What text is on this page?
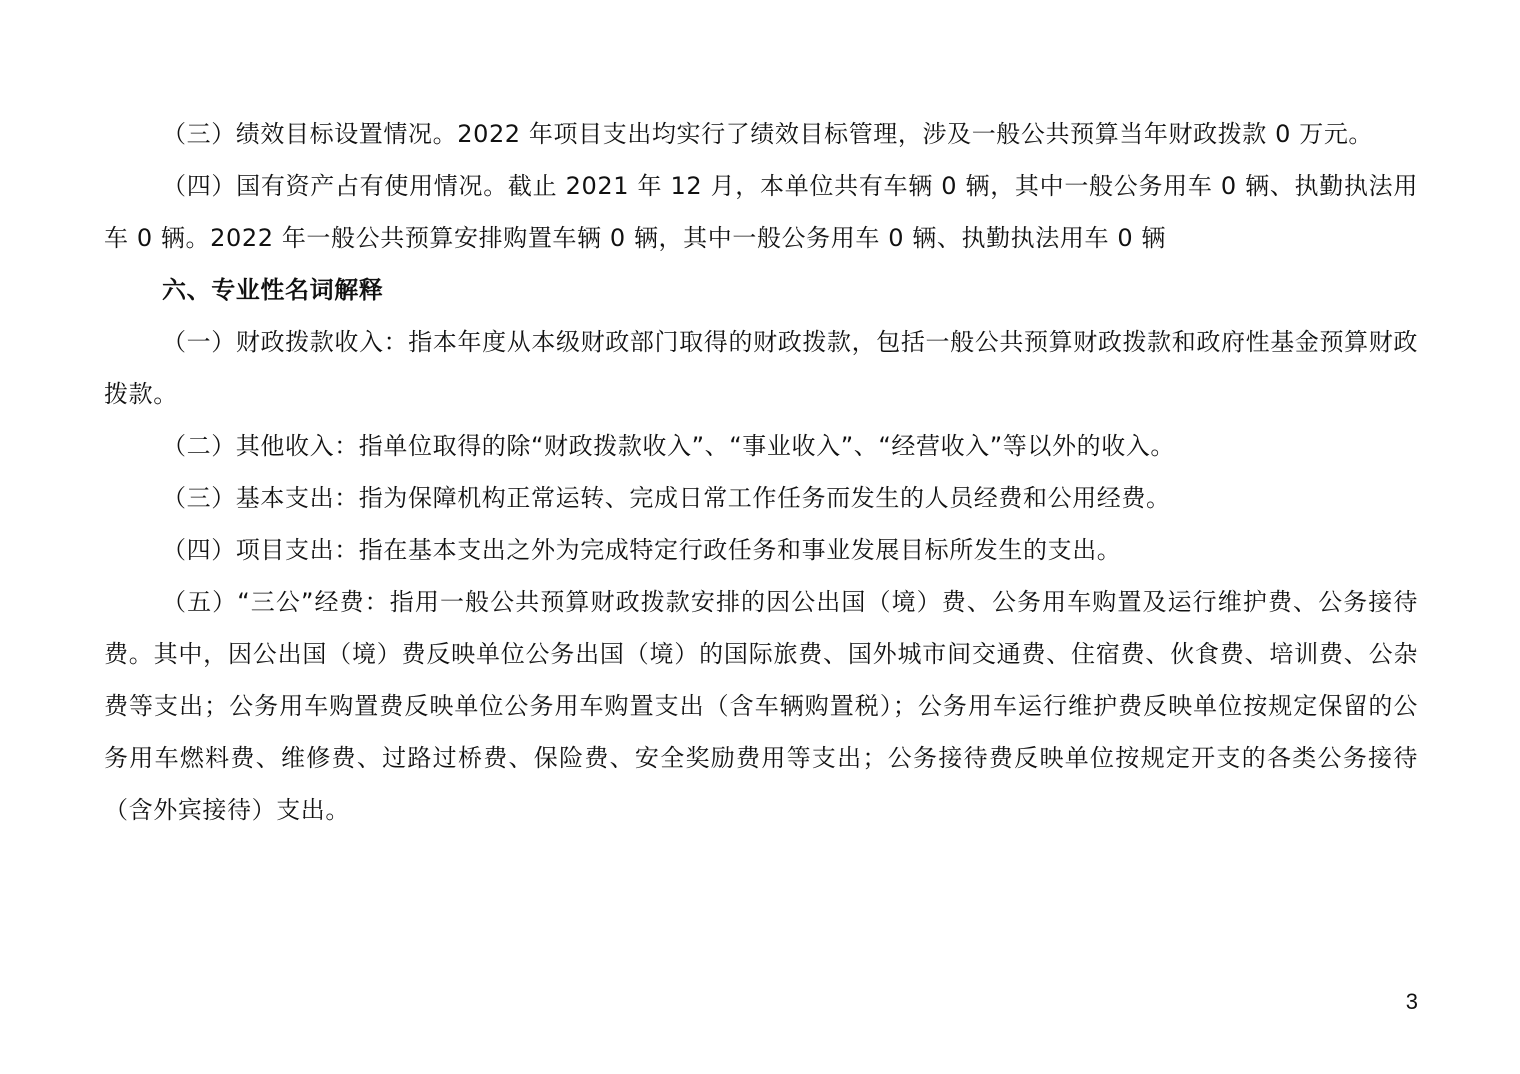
（三）绩效目标设置情况。2022 年项目支出均实行了绩效目标管理，涉及一般公共预算当年财政拨款 0 万元。

（四）国有资产占有使用情况。截止 2021 年 12 月，本单位共有车辆 0 辆，其中一般公务用车 0 辆、执勤执法用车 0 辆。2022 年一般公共预算安排购置车辆 0 辆，其中一般公务用车 0 辆、执勤执法用车 0 辆

六、专业性名词解释

（一）财政拨款收入：指本年度从本级财政部门取得的财政拨款，包括一般公共预算财政拨款和政府性基金预算财政拨款。

（二）其他收入：指单位取得的除“财政拨款收入”、“事业收入”、“经营收入”等以外的收入。

（三）基本支出：指为保障机构正常运转、完成日常工作任务而发生的人员经费和公用经费。

（四）项目支出：指在基本支出之外为完成特定行政任务和事业发展目标所发生的支出。

（五）“三公”经费：指用一般公共预算财政拨款安排的因公出国（境）费、公务用车购置及运行维护费、公务接待费。其中，因公出国（境）费反映单位公务出国（境）的国际旅费、国外城市间交通费、住宿费、伙食费、培训费、公杂费等支出；公务用车购置费反映单位公务用车购置支出（含车辆购置税）；公务用车运行维护费反映单位按规定保留的公务用车燃料费、维修费、过路过桥费、保险费、安全奖励费用等支出；公务接待费反映单位按规定开支的各类公务接待（含外宾接待）支出。

3
